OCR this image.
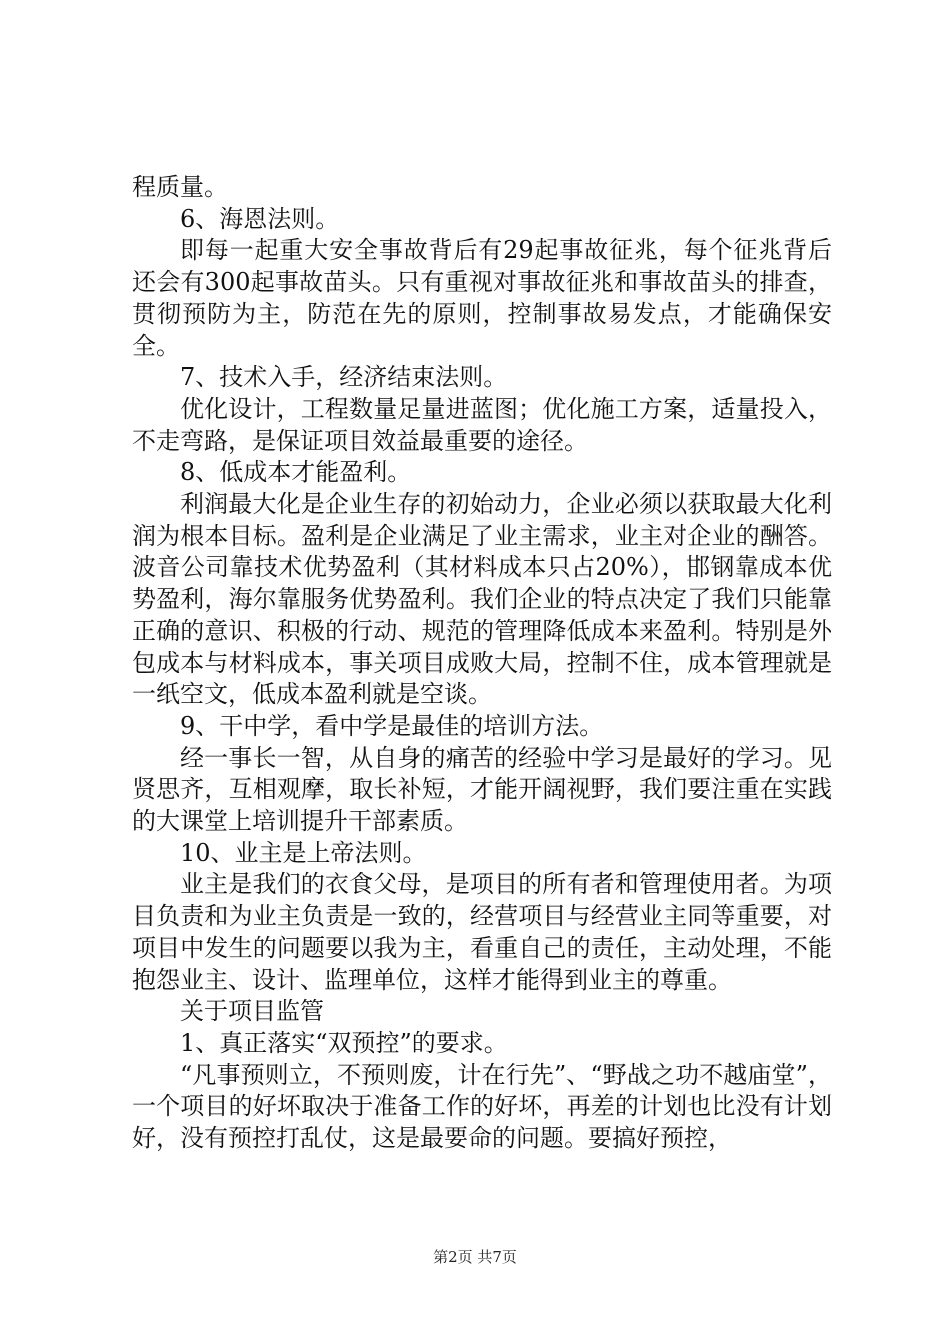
程质量。

6、海恩法则。

即每一起重大安全事故背后有29起事故征兆，每个征兆背后还会有300起事故苗头。只有重视对事故征兆和事故苗头的排查，贯彻预防为主，防范在先的原则，控制事故易发点，才能确保安全。

7、技术入手，经济结束法则。

优化设计，工程数量足量进蓝图；优化施工方案，适量投入，不走弯路，是保证项目效益最重要的途径。

8、低成本才能盈利。

利润最大化是企业生存的初始动力，企业必须以获取最大化利润为根本目标。盈利是企业满足了业主需求，业主对企业的酬答。波音公司靠技术优势盈利（其材料成本只占20%），邯钢靠成本优势盈利，海尔靠服务优势盈利。我们企业的特点决定了我们只能靠正确的意识、积极的行动、规范的管理降低成本来盈利。特别是外包成本与材料成本，事关项目成败大局，控制不住，成本管理就是一纸空文，低成本盈利就是空谈。

9、干中学，看中学是最佳的培训方法。

经一事长一智，从自身的痛苦的经验中学习是最好的学习。见贤思齐，互相观摩，取长补短，才能开阔视野，我们要注重在实践的大课堂上培训提升干部素质。

10、业主是上帝法则。

业主是我们的衣食父母，是项目的所有者和管理使用者。为项目负责和为业主负责是一致的，经营项目与经营业主同等重要，对项目中发生的问题要以我为主，看重自己的责任，主动处理，不能抱怨业主、设计、监理单位，这样才能得到业主的尊重。

关于项目监管

1、真正落实“双预控”的要求。

“凡事预则立，不预则废，计在行先”、“野战之功不越庙堂”，一个项目的好坏取决于准备工作的好坏，再差的计划也比没有计划好，没有预控打乱仗，这是最要命的问题。要搞好预控，

第2页 共7页
